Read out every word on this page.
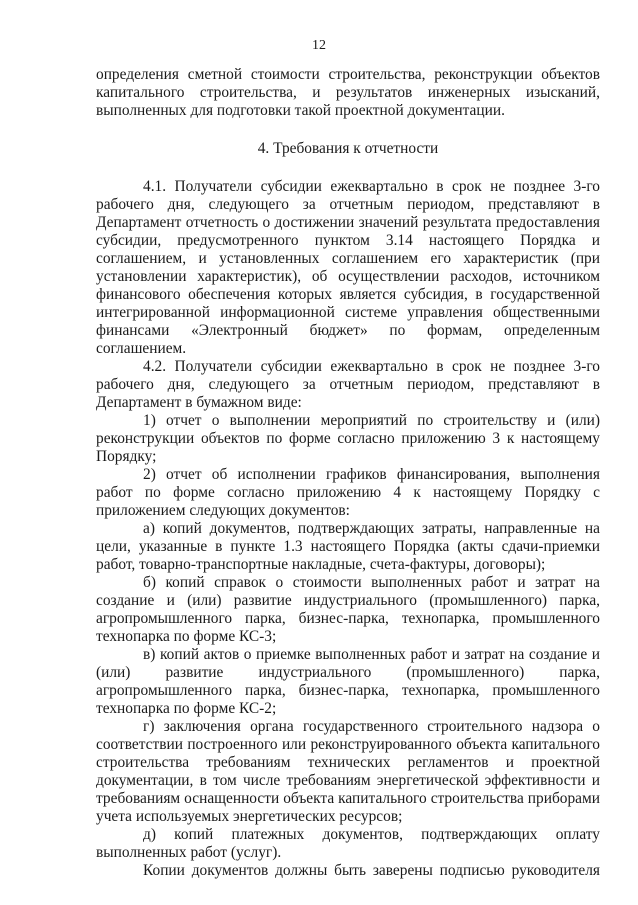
12

определения сметной стоимости строительства, реконструкции объектов капитального строительства, и результатов инженерных изысканий, выполненных для подготовки такой проектной документации.

4. Требования к отчетности

4.1. Получатели субсидии ежеквартально в срок не позднее 3-го рабочего дня, следующего за отчетным периодом, представляют в Департамент отчетность о достижении значений результата предоставления субсидии, предусмотренного пунктом 3.14 настоящего Порядка и соглашением, и установленных соглашением его характеристик (при установлении характеристик), об осуществлении расходов, источником финансового обеспечения которых является субсидия, в государственной интегрированной информационной системе управления общественными финансами «Электронный бюджет» по формам, определенным соглашением.

4.2. Получатели субсидии ежеквартально в срок не позднее 3-го рабочего дня, следующего за отчетным периодом, представляют в Департамент в бумажном виде:

1) отчет о выполнении мероприятий по строительству и (или) реконструкции объектов по форме согласно приложению 3 к настоящему Порядку;

2) отчет об исполнении графиков финансирования, выполнения работ по форме согласно приложению 4 к настоящему Порядку с приложением следующих документов:

а) копий документов, подтверждающих затраты, направленные на цели, указанные в пункте 1.3 настоящего Порядка (акты сдачи-приемки работ, товарно-транспортные накладные, счета-фактуры, договоры);

б) копий справок о стоимости выполненных работ и затрат на создание и (или) развитие индустриального (промышленного) парка, агропромышленного парка, бизнес-парка, технопарка, промышленного технопарка по форме КС-3;

в) копий актов о приемке выполненных работ и затрат на создание и (или) развитие индустриального (промышленного) парка, агропромышленного парка, бизнес-парка, технопарка, промышленного технопарка по форме КС-2;

г) заключения органа государственного строительного надзора о соответствии построенного или реконструированного объекта капитального строительства требованиям технических регламентов и проектной документации, в том числе требованиям энергетической эффективности и требованиям оснащенности объекта капитального строительства приборами учета используемых энергетических ресурсов;

д) копий платежных документов, подтверждающих оплату выполненных работ (услуг).

Копии документов должны быть заверены подписью руководителя
